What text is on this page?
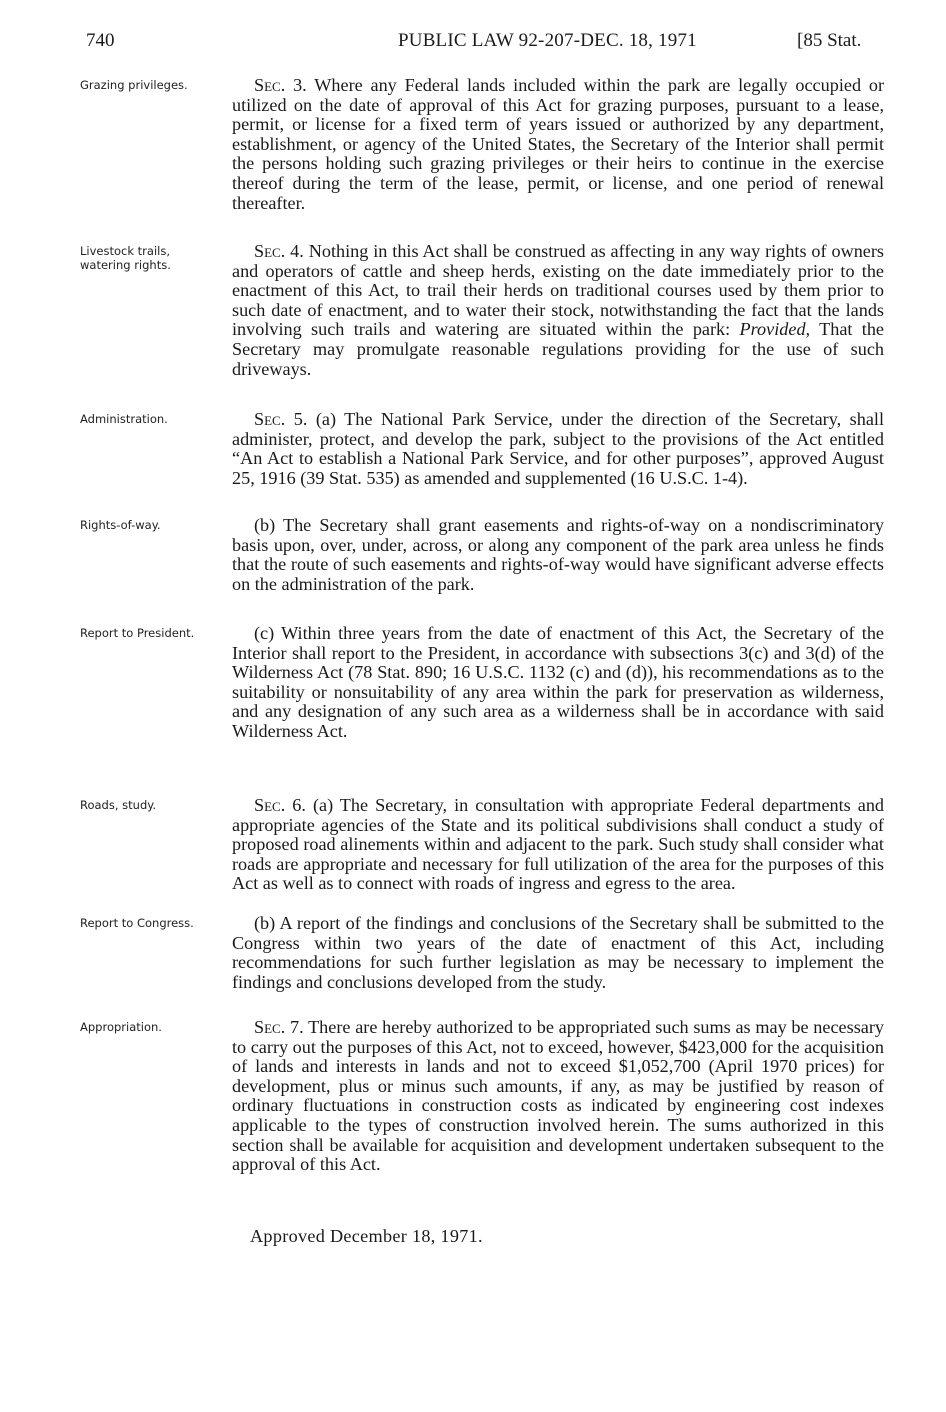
740	PUBLIC LAW 92-207-DEC. 18, 1971	[85 Stat.
Grazing privileges.
Livestock trails, watering rights.
Administration.
Rights-of-way.
Report to President.
Roads, study.
Report to Congress.
Appropriation.

Sec. 3. Where any Federal lands included within the park are legally occupied or utilized on the date of approval of this Act for grazing purposes, pursuant to a lease, permit, or license for a fixed term of years issued or authorized by any department, establishment, or agency of the United States, the Secretary of the Interior shall permit the persons holding such grazing privileges or their heirs to continue in the exercise thereof during the term of the lease, permit, or license, and one period of renewal thereafter.

Sec. 4. Nothing in this Act shall be construed as affecting in any way rights of owners and operators of cattle and sheep herds, existing on the date immediately prior to the enactment of this Act, to trail their herds on traditional courses used by them prior to such date of enactment, and to water their stock, notwithstanding the fact that the lands involving such trails and watering are situated within the park: Provided, That the Secretary may promulgate reasonable regulations providing for the use of such driveways.

Sec. 5. (a) The National Park Service, under the direction of the Secretary, shall administer, protect, and develop the park, subject to the provisions of the Act entitled “An Act to establish a National Park Service, and for other purposes”, approved August 25, 1916 (39 Stat. 535) as amended and supplemented (16 U.S.C. 1-4).

(b) The Secretary shall grant easements and rights-of-way on a nondiscriminatory basis upon, over, under, across, or along any component of the park area unless he finds that the route of such easements and rights-of-way would have significant adverse effects on the administration of the park.

(c) Within three years from the date of enactment of this Act, the Secretary of the Interior shall report to the President, in accordance with subsections 3(c) and 3(d) of the Wilderness Act (78 Stat. 890; 16 U.S.C. 1132 (c) and (d)), his recommendations as to the suitability or nonsuitability of any area within the park for preservation as wilderness, and any designation of any such area as a wilderness shall be in accordance with said Wilderness Act.

Sec. 6. (a) The Secretary, in consultation with appropriate Federal departments and appropriate agencies of the State and its political subdivisions shall conduct a study of proposed road alinements within and adjacent to the park. Such study shall consider what roads are appropriate and necessary for full utilization of the area for the purposes of this Act as well as to connect with roads of ingress and egress to the area.

(b) A report of the findings and conclusions of the Secretary shall be submitted to the Congress within two years of the date of enactment of this Act, including recommendations for such further legislation as may be necessary to implement the findings and conclusions developed from the study.

Sec. 7. There are hereby authorized to be appropriated such sums as may be necessary to carry out the purposes of this Act, not to exceed, however, $423,000 for the acquisition of lands and interests in lands and not to exceed $1,052,700 (April 1970 prices) for development, plus or minus such amounts, if any, as may be justified by reason of ordinary fluctuations in construction costs as indicated by engineering cost indexes applicable to the types of construction involved herein. The sums authorized in this section shall be available for acquisition and development undertaken subsequent to the approval of this Act.

Approved December 18, 1971.
